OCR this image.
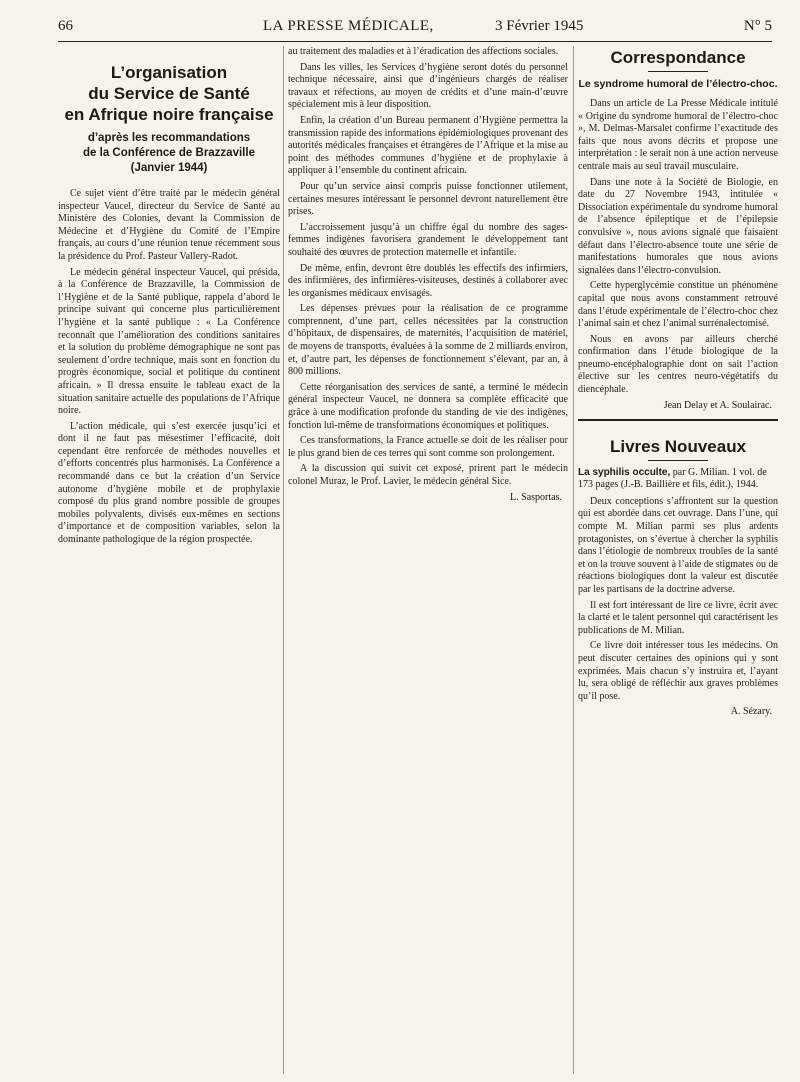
66	LA PRESSE MÉDICALE,	3 Février 1945	N° 5
L’organisation
du Service de Santé
en Afrique noire française
d’après les recommandations
de la Conférence de Brazzaville
(Janvier 1944)

Ce sujet vient d’être traité par le médecin général inspecteur Vaucel, directeur du Service de Santé au Ministère des Colonies, devant la Commission de Médecine et d’Hygiène du Comité de l’Empire français, au cours d’une réunion tenue récemment sous la présidence du Prof. Pasteur Vallery-Radot.

Le médecin général inspecteur Vaucel, qui présida, à la Conférence de Brazzaville, la Commission de l’Hygiène et de la Santé publique, rappela d’abord le principe suivant qui concerne plus particulièrement l’hygiène et la santé publique : « La Conférence reconnaît que l’amélioration des conditions sanitaires et la solution du problème démographique ne sont pas seulement d’ordre technique, mais sont en fonction du progrès économique, social et politique du continent africain. » Il dressa ensuite le tableau exact de la situation sanitaire actuelle des populations de l’Afrique noire.

L’action médicale, qui s’est exercée jusqu’ici et dont il ne faut pas mésestimer l’efficacité, doit cependant être renforcée de méthodes nouvelles et d’efforts concentrés plus harmonisés. La Conférence a recommandé dans ce but la création d’un Service autonome d’hygiène mobile et de prophylaxie composé du plus grand nombre possible de groupes mobiles polyvalents, divisés eux-mêmes en sections d’importance et de composition variables, selon la dominante pathologique de la région prospectée.

au traitement des maladies et à l’éradication des affections sociales.

Dans les villes, les Services d’hygiène seront dotés du personnel technique nécessaire, ainsi que d’ingénieurs chargés de réaliser travaux et réfections, au moyen de crédits et d’une main-d’œuvre spécialement mis à leur disposition.

Enfin, la création d’un Bureau permanent d’Hygiène permettra la transmission rapide des informations épidémiologiques provenant des autorités médicales françaises et étrangères de l’Afrique et la mise au point des méthodes communes d’hygiène et de prophylaxie à appliquer à l’ensemble du continent africain.

Pour qu’un service ainsi compris puisse fonctionner utilement, certaines mesures intéressant le personnel devront naturellement être prises.

L’accroissement jusqu’à un chiffre égal du nombre des sages-femmes indigènes favorisera grandement le développement tant souhaité des œuvres de protection maternelle et infantile.

De même, enfin, devront être doublés les effectifs des infirmiers, des infirmières, des infirmières-visiteuses, destinés à collaborer avec les organismes médicaux envisagés.

Les dépenses prévues pour la réalisation de ce programme comprennent, d’une part, celles nécessitées par la construction d’hôpitaux, de dispensaires, de maternités, l’acquisition de matériel, de moyens de transports, évaluées à la somme de 2 milliards environ, et, d’autre part, les dépenses de fonctionnement s’élevant, par an, à 800 millions.

Cette réorganisation des services de santé, a terminé le médecin général inspecteur Vaucel, ne donnera sa complète efficacité que grâce à une modification profonde du standing de vie des indigènes, fonction lui-même de transformations économiques et politiques.

Ces transformations, la France actuelle se doit de les réaliser pour le plus grand bien de ces terres qui sont comme son prolongement.

A la discussion qui suivit cet exposé, prirent part le médecin colonel Muraz, le Prof. Lavier, le médecin général Sice.

L. Sasportas.
Correspondance
Le syndrome humoral de l’électro-choc.

Dans un article de La Presse Médicale intitulé « Origine du syndrome humoral de l’électro-choc », M. Delmas-Marsalet confirme l’exactitude des faits que nous avons décrits et propose une interprétation : le serait non à une action nerveuse centrale mais au seul travail musculaire.

Dans une note à la Société de Biologie, en date du 27 Novembre 1943, intitulée « Dissociation expérimentale du syndrome humoral de l’absence épileptique et de l’épilepsie convulsive », nous avions signalé que faisaient défaut dans l’électro-absence toute une série de manifestations humorales que nous avions signalées dans l’électro-convulsion.

Cette hyperglycémie constitue un phénomène capital que nous avons constamment retrouvé dans l’étude expérimentale de l’électro-choc chez l’animal sain et chez l’animal surrénalectomisé.

Nous en avons par ailleurs cherché confirmation dans l’étude biologique de la pneumo-encéphalographie dont on sait l’action élective sur les centres neuro-végétatifs du diencéphale.

Jean Delay et A. Soulairac.
Livres Nouveaux
La syphilis occulte, par G. Milian. 1 vol. de 173 pages (J.-B. Baillière et fils, édit.), 1944.

Deux conceptions s’affrontent sur la question qui est abordée dans cet ouvrage. Dans l’une, qui compte M. Milian parmi ses plus ardents protagonistes, on s’évertue à chercher la syphilis dans l’étiologie de nombreux troubles de la santé et on la trouve souvent à l’aide de stigmates ou de réactions biologiques dont la valeur est discutée par les partisans de la doctrine adverse.

Il est fort intéressant de lire ce livre, écrit avec la clarté et le talent personnel qui caractérisent les publications de M. Milian.

Ce livre doit intéresser tous les médecins. On peut discuter certaines des opinions qui y sont exprimées. Mais chacun s’y instruira et, l’ayant lu, sera obligé de réfléchir aux graves problèmes qu’il pose.

A. Sézary.
